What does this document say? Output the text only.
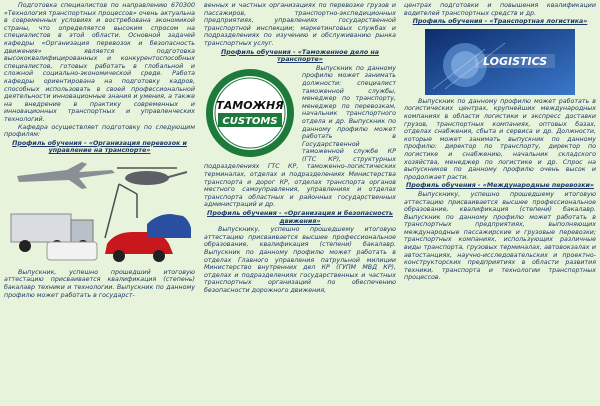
Подготовка специалистов по направлению 670300 «Технология транспортных процессов» очень актуальна в современных условиях и востребована экономикой страны, что определяется высоким спросом на специалистов в этой области. Основной задачей кафедры «Организация перевозок и безопасность движения» является подготовка высококвалифицированных и конкурентоспособных специалистов, готовых работать в глобальной и сложной социально-экономической среде. Работа кафедры ориентирована на подготовку кадров, способных использовать в своей профессиональной деятельности инновационные знания и умения, а также на внедрение в практику современных и инновационных транспортных и управленческих технологий.

Кафедра осуществляет подготовку по следующим профилям:

Профиль обучения - «Организация перевозок и управление на транспорте»

Выпускник, успешно прошедший итоговую аттестацию присваивается квалификация (степень) бакалавр техники и технологии. Выпускник по данному профилю может работать в государст-

венных и частных организациях по перевозке грузов и пассажиров, транспортно-экспедиционных предприятиях, управлениях государственной транспортной инспекции; маркетинговых службах и подразделениях по изучению и обслуживанию рынка транспортных услуг.

Профиль обучения - «Таможенное дело на транспорте»

ТАМОЖНЯ
CUSTOMS

Выпускник по данному профилю может занимать должности: специалист таможенной службы, менеджер по транспорту, менеджер по перевозкам, начальник транспортного отдела и др. Выпускник по данному профилю может работать в Государственной таможенной службе КР (ГТС КР), структурных подразделениях ГТС КР, таможенно-логистических терминалах, отделах и подразделениях Министерства транспорта и дорог КР, отделах транспорта органов местного самоуправления, управлениях и отделах транспорта областных и районных государственных администраций и др.

Профиль обучения - «Организация и безопасность движения»

Выпускнику, успешно прошедшему итоговую аттестацию присваивается высшее профессиональное образование, квалификация (степени) бакалавр. Выпускник по данному профилю может работать в отделах Главного управления патрульной милиции Министерство внутренних дел КР (ГУПМ МВД КР), отделах и подразделениях государственных и частных транспортных организаций по обеспечению безопасности дорожного движения,

центрах подготовки и повышения квалификации водителей транспортных средств и др.

Профиль обучения - «Транспортная логистика»

LOGISTICS

Выпускник по данному профилю может работать в логистических центрах, крупнейших международных компаниях в области логистики и экспресс доставки грузов, транспортных компаниях, оптовых базах, отделах снабжения, сбыта и сервиса и др. Должности, которые может занимать выпускник по данному профилю: директор по транспорту, директор по логистике и снабжению, начальник складского хозяйства, менеджер по логистике и др. Спрос на выпускников по данному профилю очень высок и продолжает расти.

Профиль обучения - «Международные перевозки»

Выпускнику, успешно прошедшему итоговую аттестацию присваивается высшее профессиональное образование, квалификация (степени) бакалавр. Выпускник по данному профилю может работать в транспортных предприятиях, выполняющих международные пассажирские и грузовые перевозки; транспортных компаниях, использующих различные виды транспорта, грузовых терминалах, автовокзалах и автостанциях, научно-исследовательских и проектно-конструкторских предприятиях в области развития техники, транспорта и технологии транспортных процессов.
